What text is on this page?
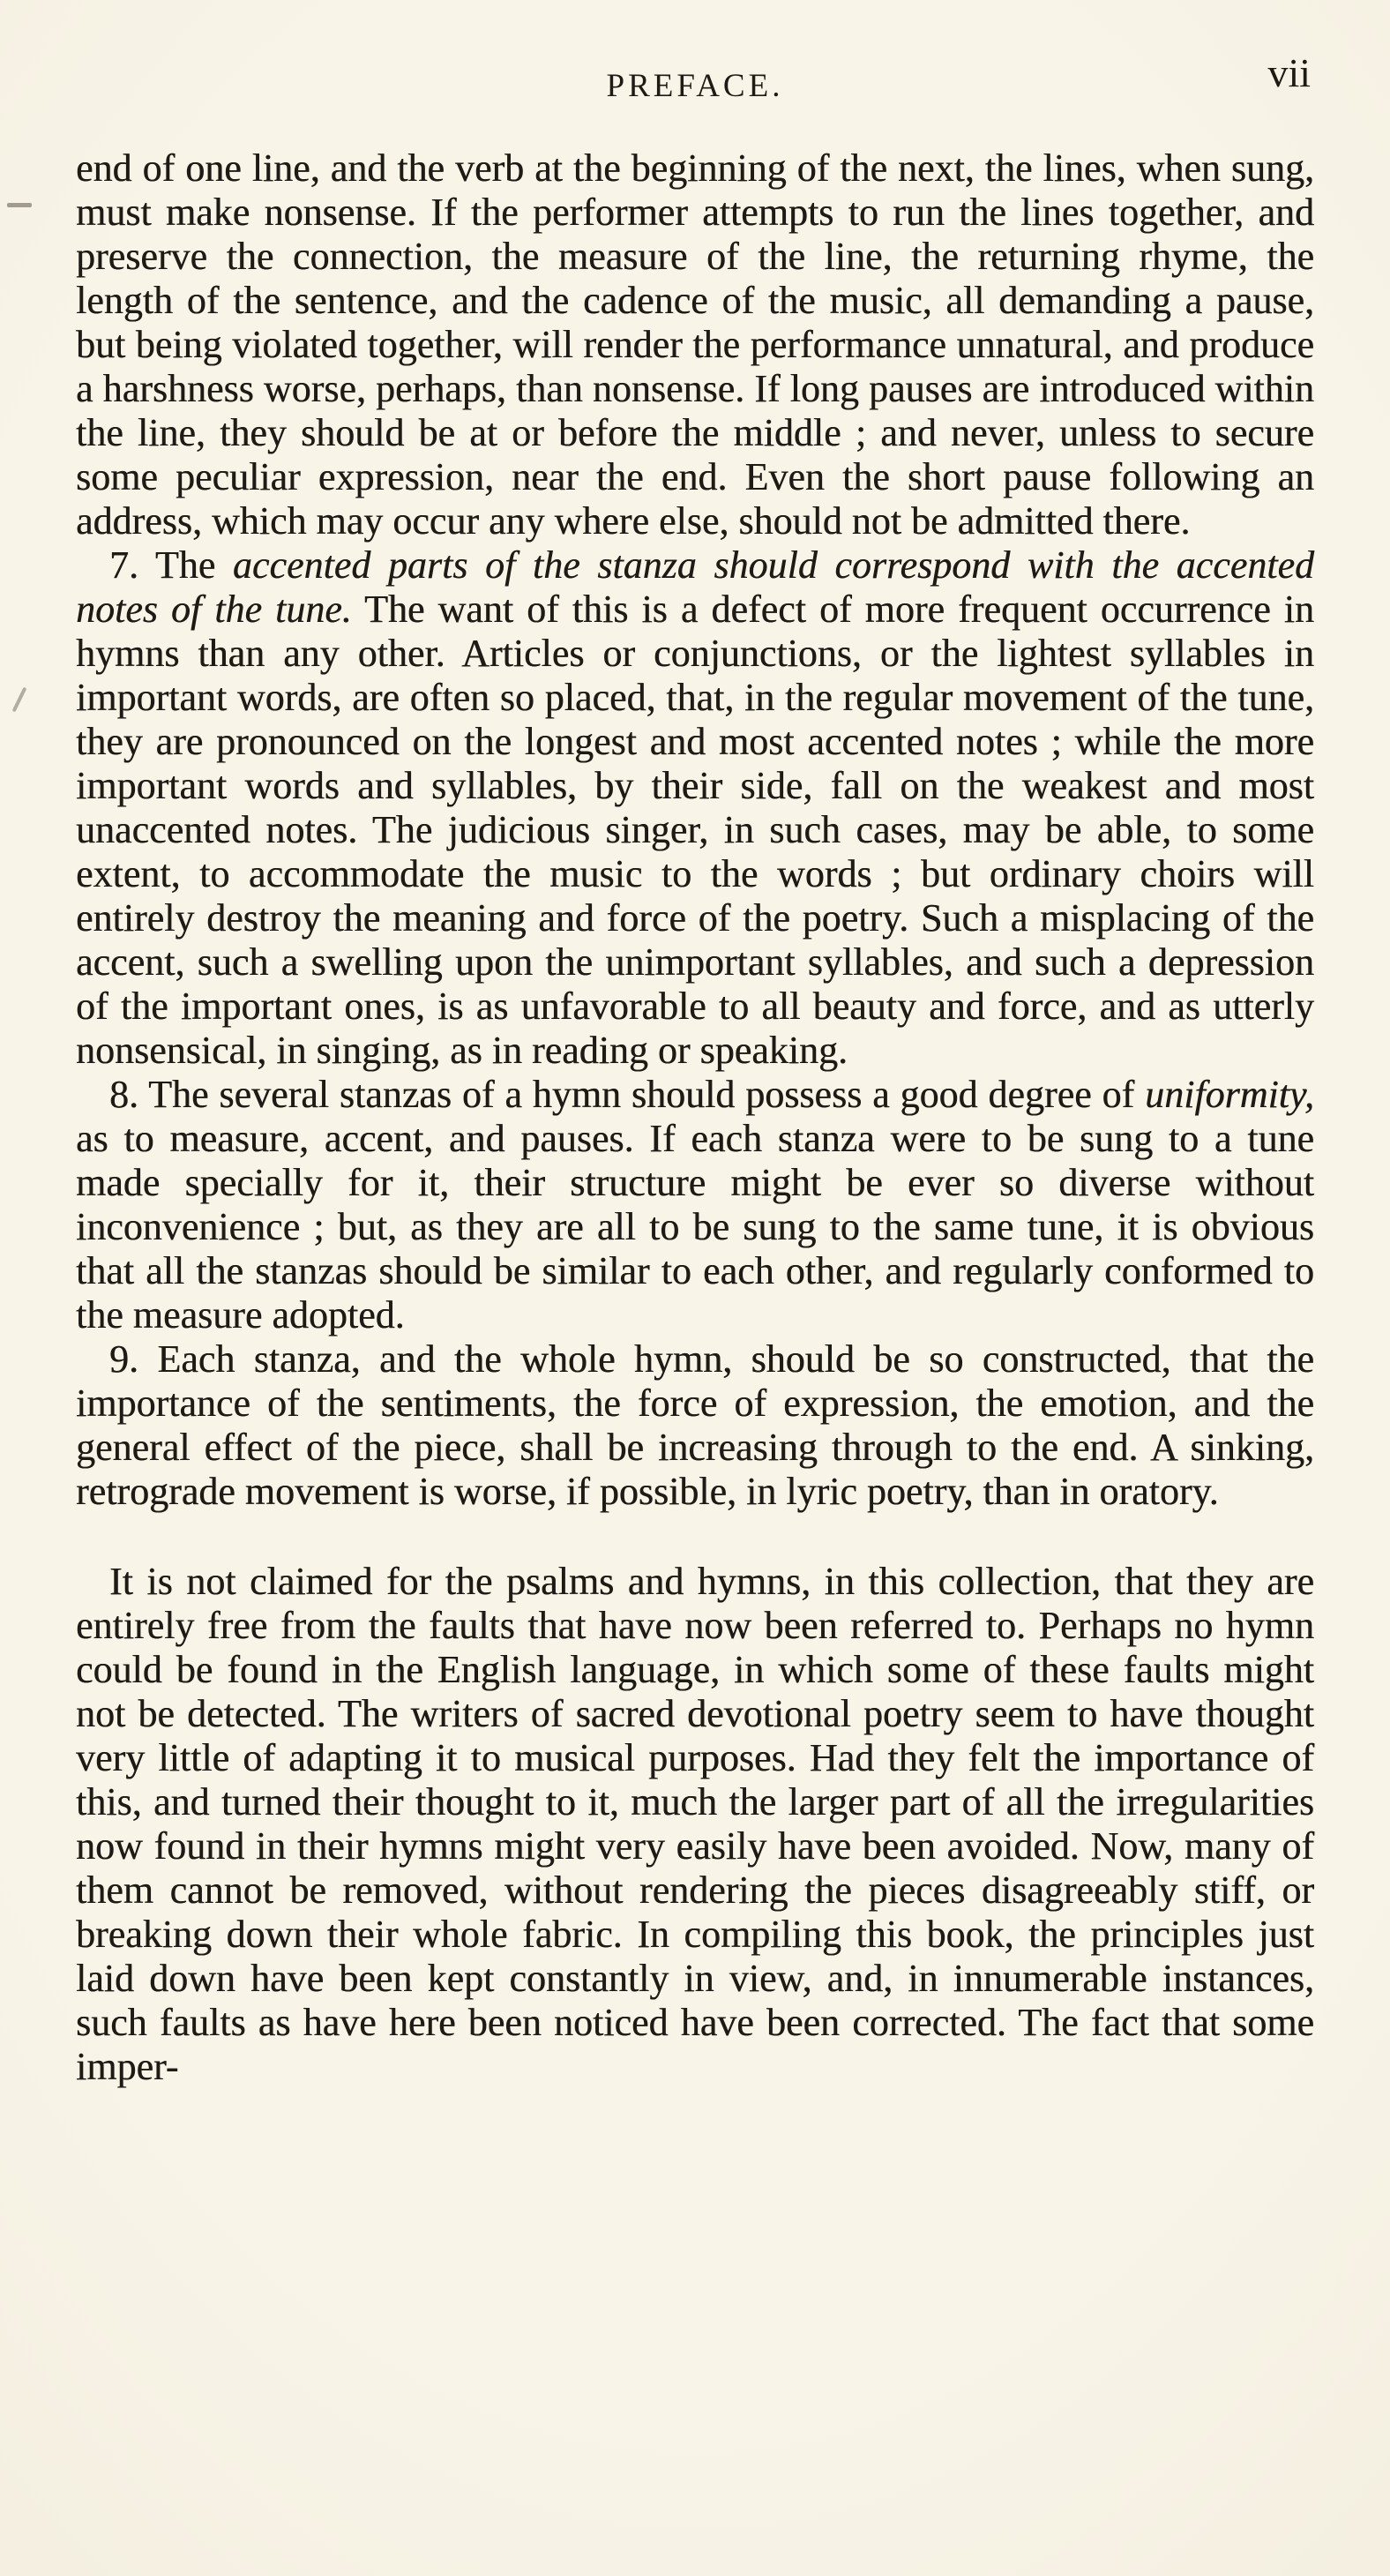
PREFACE.	vii

end of one line, and the verb at the beginning of the next, the lines, when sung, must make nonsense. If the performer attempts to run the lines together, and preserve the connection, the measure of the line, the returning rhyme, the length of the sentence, and the cadence of the music, all demanding a pause, but being violated together, will render the performance unnatural, and produce a harshness worse, perhaps, than nonsense. If long pauses are introduced within the line, they should be at or before the middle ; and never, unless to secure some peculiar expression, near the end. Even the short pause following an address, which may occur any where else, should not be admitted there.

7. The accented parts of the stanza should correspond with the accented notes of the tune. The want of this is a defect of more frequent occurrence in hymns than any other. Articles or conjunctions, or the lightest syllables in important words, are often so placed, that, in the regular movement of the tune, they are pronounced on the longest and most accented notes ; while the more important words and syllables, by their side, fall on the weakest and most unaccented notes. The judicious singer, in such cases, may be able, to some extent, to accommodate the music to the words ; but ordinary choirs will entirely destroy the meaning and force of the poetry. Such a misplacing of the accent, such a swelling upon the unimportant syllables, and such a depression of the important ones, is as unfavorable to all beauty and force, and as utterly nonsensical, in singing, as in reading or speaking.

8. The several stanzas of a hymn should possess a good degree of uniformity, as to measure, accent, and pauses. If each stanza were to be sung to a tune made specially for it, their structure might be ever so diverse without inconvenience ; but, as they are all to be sung to the same tune, it is obvious that all the stanzas should be similar to each other, and regularly conformed to the measure adopted.

9. Each stanza, and the whole hymn, should be so constructed, that the importance of the sentiments, the force of expression, the emotion, and the general effect of the piece, shall be increasing through to the end. A sinking, retrograde movement is worse, if possible, in lyric poetry, than in oratory.

It is not claimed for the psalms and hymns, in this collection, that they are entirely free from the faults that have now been referred to. Perhaps no hymn could be found in the English language, in which some of these faults might not be detected. The writers of sacred devotional poetry seem to have thought very little of adapting it to musical purposes. Had they felt the importance of this, and turned their thought to it, much the larger part of all the irregularities now found in their hymns might very easily have been avoided. Now, many of them cannot be removed, without rendering the pieces disagreeably stiff, or breaking down their whole fabric. In compiling this book, the principles just laid down have been kept constantly in view, and, in innumerable instances, such faults as have here been noticed have been corrected. The fact that some imper-
